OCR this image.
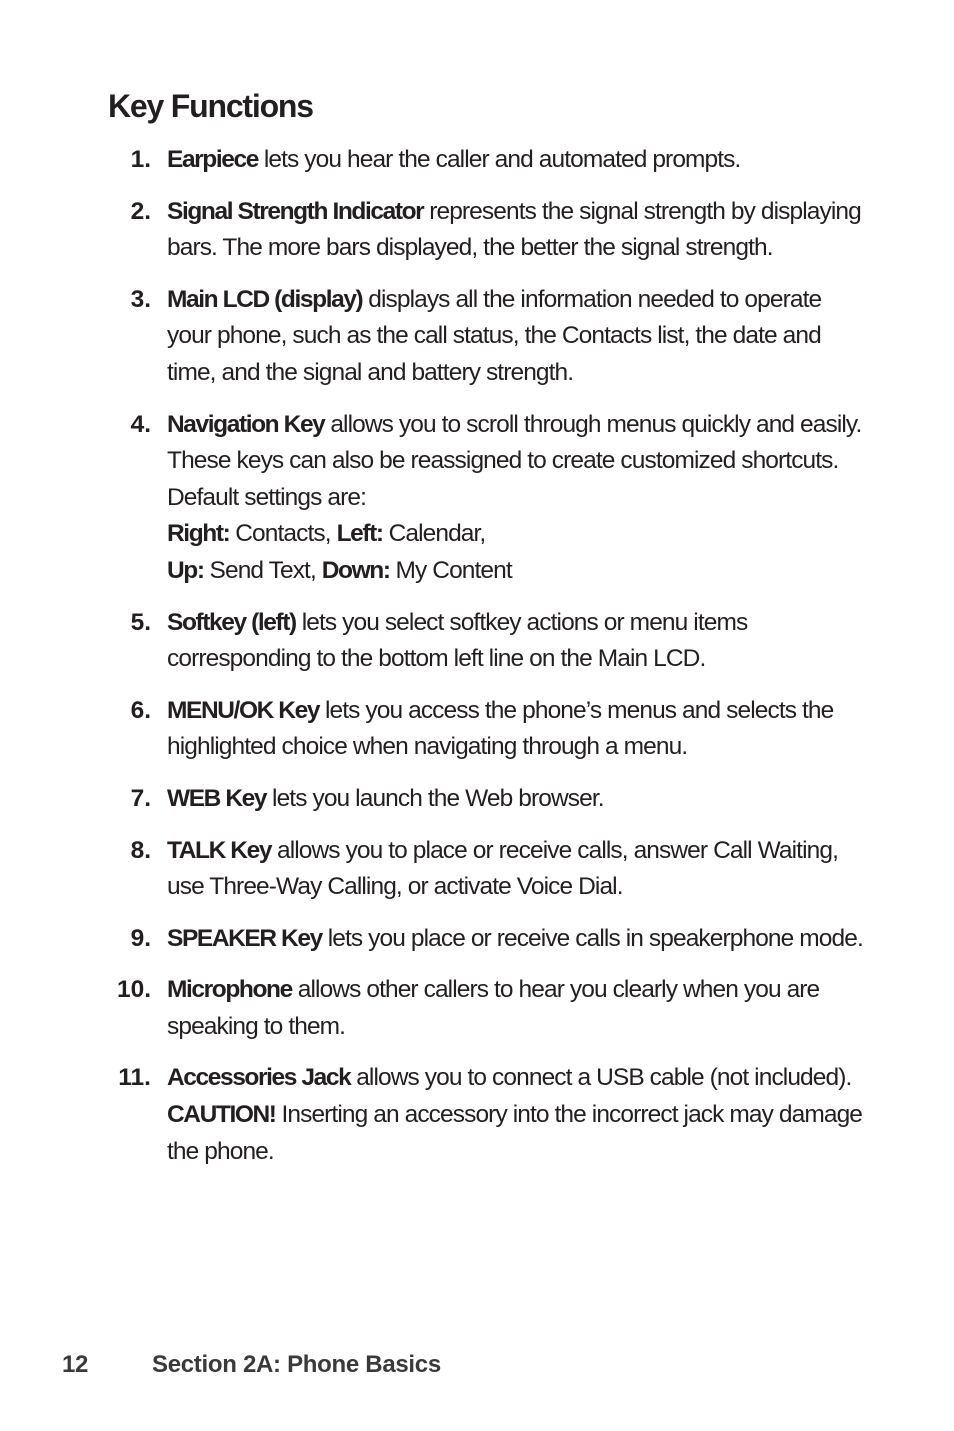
Key Functions
1. Earpiece lets you hear the caller and automated prompts.
2. Signal Strength Indicator represents the signal strength by displaying bars. The more bars displayed, the better the signal strength.
3. Main LCD (display) displays all the information needed to operate your phone, such as the call status, the Contacts list, the date and time, and the signal and battery strength.
4. Navigation Key allows you to scroll through menus quickly and easily. These keys can also be reassigned to create customized shortcuts. Default settings are:
Right: Contacts, Left: Calendar,
Up: Send Text, Down: My Content
5. Softkey (left) lets you select softkey actions or menu items corresponding to the bottom left line on the Main LCD.
6. MENU/OK Key lets you access the phone’s menus and selects the highlighted choice when navigating through a menu.
7. WEB Key lets you launch the Web browser.
8. TALK Key allows you to place or receive calls, answer Call Waiting, use Three-Way Calling, or activate Voice Dial.
9. SPEAKER Key lets you place or receive calls in speakerphone mode.
10. Microphone allows other callers to hear you clearly when you are speaking to them.
11. Accessories Jack allows you to connect a USB cable (not included). CAUTION! Inserting an accessory into the incorrect jack may damage the phone.
12	Section 2A: Phone Basics
